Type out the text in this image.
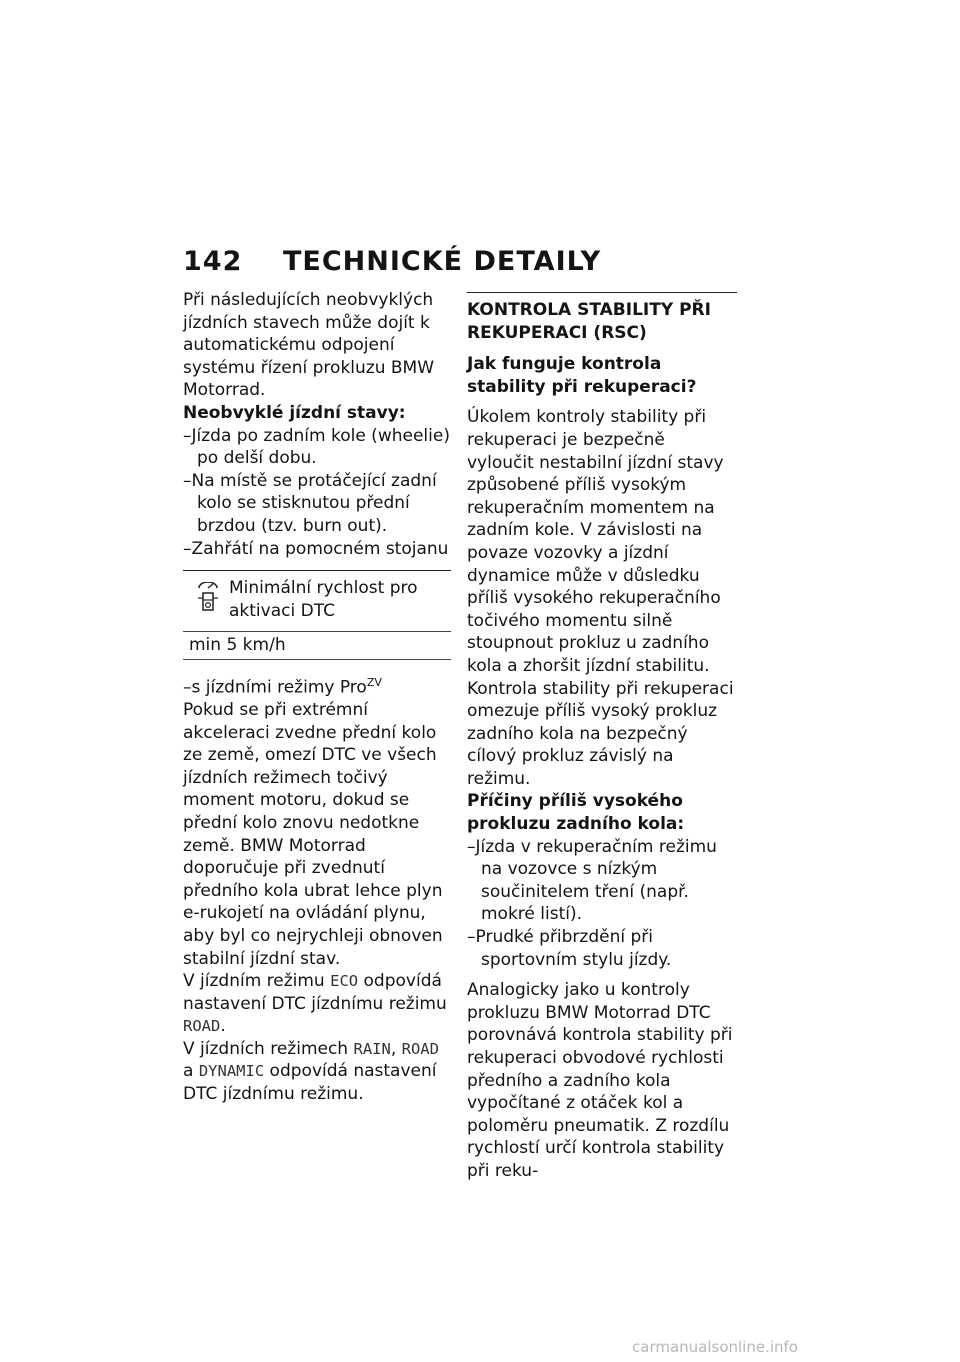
142 TECHNICKÉ DETAILY

Při následujících neobvyklých jízdních stavech může dojít k automatickému odpojení systému řízení prokluzu BMW Motorrad.

Neobvyklé jízdní stavy:

–Jízda po zadním kole (wheelie) po delší dobu.

–Na místě se protáčející zadní kolo se stisknutou přední brzdou (tzv. burn out).

–Zahřátí na pomocném stojanu

Minimální rychlost pro aktivaci DTC
min 5 km/h

–s jízdními režimy Pro$^{ZV}$

Pokud se při extrémní akceleraci zvedne přední kolo ze země, omezí DTC ve všech jízdních režimech točivý moment motoru, dokud se přední kolo znovu nedotkne země. BMW Motorrad doporučuje při zvednutí předního kola ubrat lehce plyn e-rukojetí na ovládání plynu, aby byl co nejrychleji obnoven stabilní jízdní stav.

V jízdním režimu ECO odpovídá nastavení DTC jízdnímu režimu ROAD.

V jízdních režimech RAIN, ROAD a DYNAMIC odpovídá nastavení DTC jízdnímu režimu.

KONTROLA STABILITY PŘI REKUPERACI (RSC)

Jak funguje kontrola stability při rekuperaci?

Úkolem kontroly stability při rekuperaci je bezpečně vyloučit nestabilní jízdní stavy způsobené příliš vysokým rekuperačním momentem na zadním kole. V závislosti na povaze vozovky a jízdní dynamice může v důsledku příliš vysokého rekuperačního točivého momentu silně stoupnout prokluz u zadního kola a zhoršit jízdní stabilitu. Kontrola stability při rekuperaci omezuje příliš vysoký prokluz zadního kola na bezpečný cílový prokluz závislý na režimu.

Příčiny příliš vysokého prokluzu zadního kola:

–Jízda v rekuperačním režimu na vozovce s nízkým součinitelem tření (např. mokré listí).

–Prudké přibrzdění při sportovním stylu jízdy.

Analogicky jako u kontroly prokluzu BMW Motorrad DTC porovnává kontrola stability při rekuperaci obvodové rychlosti předního a zadního kola vypočítané z otáček kol a poloměru pneumatik. Z rozdílu rychlostí určí kontrola stability při reku-

carmanualsonline.info
